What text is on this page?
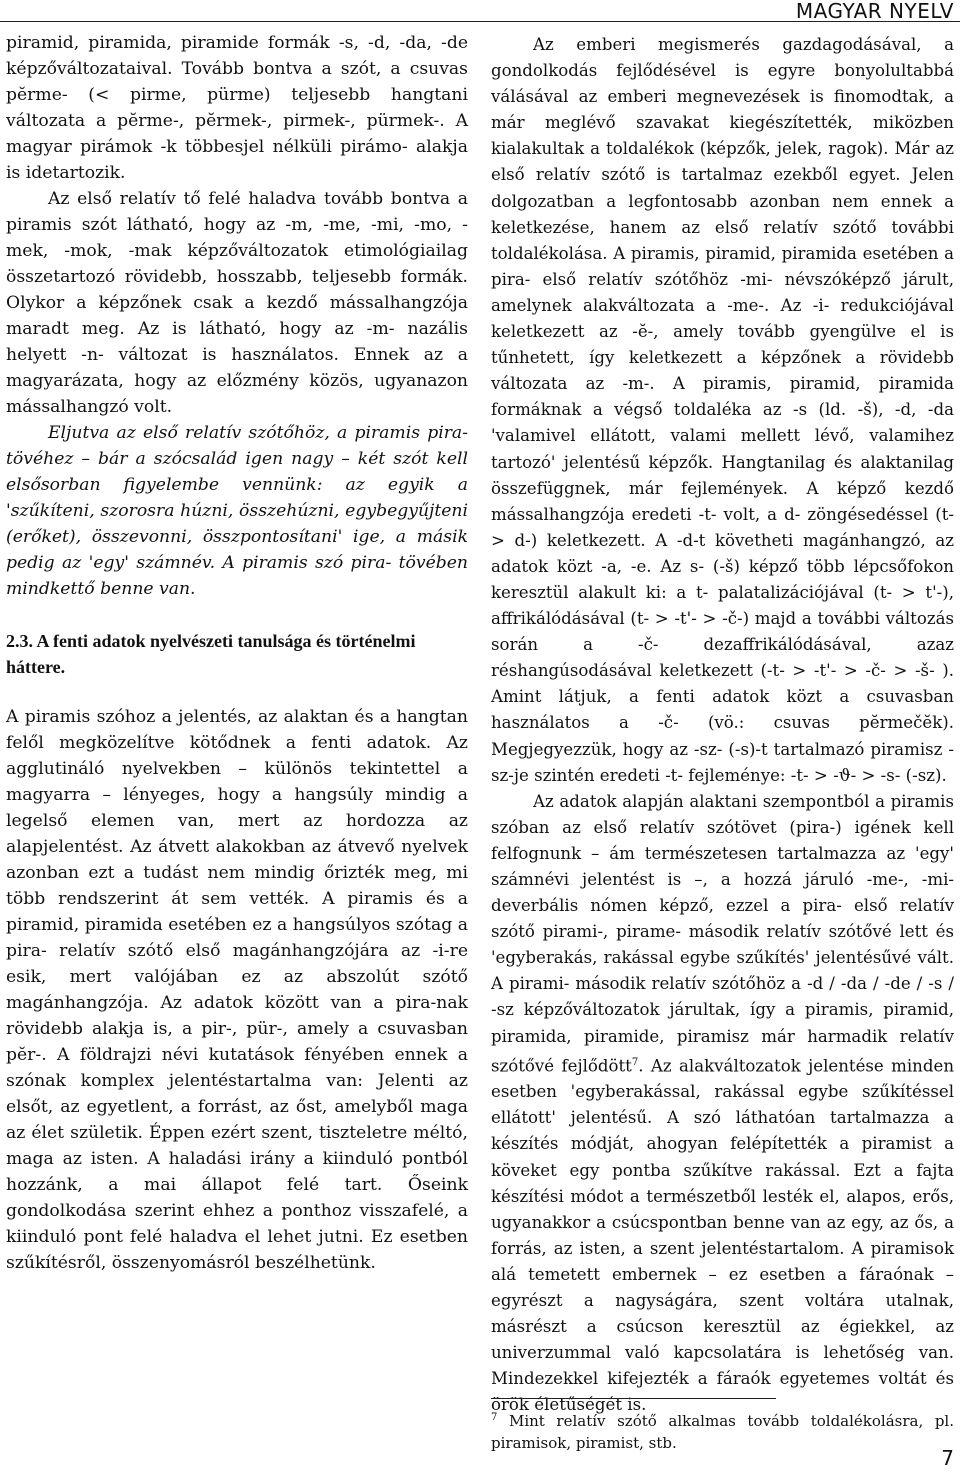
MAGYAR NYELV

piramid, piramida, piramide formák -s, -d, -da, -de képzőváltozataival. Tovább bontva a szót, a csuvas pĕrme- (< pirme, pürme) teljesebb hangtani változata a pĕrme-, pĕrmek-, pirmek-, pürmek-. A magyar pirámok -k többesjel nélküli pirámo- alakja is idetartozik.

Az első relatív tő felé haladva tovább bontva a piramis szót látható, hogy az -m, -me, -mi, -mo, -mek, -mok, -mak képzőváltozatok etimológiailag összetartozó rövidebb, hosszabb, teljesebb formák. Olykor a képzőnek csak a kezdő mássalhangzója maradt meg. Az is látható, hogy az -m- nazális helyett -n- változat is használatos. Ennek az a magyarázata, hogy az előzmény közös, ugyanazon mássalhangzó volt.

Eljutva az első relatív szótőhöz, a piramis pira- tövéhez – bár a szócsalád igen nagy – két szót kell elsősorban figyelembe vennünk: az egyik a 'szűkíteni, szorosra húzni, összehúzni, egybegyűjteni (erőket), összevonni, összpontosítani' ige, a másik pedig az 'egy' számnév. A piramis szó pira- tövében mindkettő benne van.

2.3. A fenti adatok nyelvészeti tanulsága és történelmi háttere.

A piramis szóhoz a jelentés, az alaktan és a hangtan felől megközelítve kötődnek a fenti adatok. Az agglutináló nyelvekben – különös tekintettel a magyarra – lényeges, hogy a hangsúly mindig a legelső elemen van, mert az hordozza az alapjelentést. Az átvett alakokban az átvevő nyelvek azonban ezt a tudást nem mindig őrizték meg, mi több rendszerint át sem vették. A piramis és a piramid, piramida esetében ez a hangsúlyos szótag a pira- relatív szótő első magánhangzójára az -i-re esik, mert valójában ez az abszolút szótő magánhangzója. Az adatok között van a pira-nak rövidebb alakja is, a pir-, pür-, amely a csuvasban pĕr-. A földrajzi névi kutatások fényében ennek a szónak komplex jelentéstartalma van: Jelenti az elsőt, az egyetlent, a forrást, az őst, amelyből maga az élet születik. Éppen ezért szent, tiszteletre méltó, maga az isten. A haladási irány a kiinduló pontból hozzánk, a mai állapot felé tart. Őseink gondolkodása szerint ehhez a ponthoz visszafelé, a kiinduló pont felé haladva el lehet jutni. Ez esetben szűkítésről, összenyomásról beszélhetünk.

Az emberi megismerés gazdagodásával, a gondolkodás fejlődésével is egyre bonyolultabbá válásával az emberi megnevezések is finomodtak, a már meglévő szavakat kiegészítették, miközben kialakultak a toldalékok (képzők, jelek, ragok). Már az első relatív szótő is tartalmaz ezekből egyet. Jelen dolgozatban a legfontosabb azonban nem ennek a keletkezése, hanem az első relatív szótő további toldalékolása. A piramis, piramid, piramida esetében a pira- első relatív szótőhöz -mi- névszóképző járult, amelynek alakváltozata a -me-. Az -i- redukciójával keletkezett az -ĕ-, amely tovább gyengülve el is tűnhetett, így keletkezett a képzőnek a rövidebb változata az -m-. A piramis, piramid, piramida formáknak a végső toldaléka az -s (ld. -š), -d, -da 'valamivel ellátott, valami mellett lévő, valamihez tartozó' jelentésű képzők. Hangtanilag és alaktanilag összefüggnek, már fejlemények. A képző kezdő mássalhangzója eredeti -t- volt, a d- zöngésedéssel (t- > d-) keletkezett. A -d-t követheti magánhangzó, az adatok közt -a, -e. Az s- (-š) képző több lépcsőfokon keresztül alakult ki: a t- palatalizációjával (t- > t'-), affrikálódásával (t- > -t'- > -č-) majd a további változás során a -č- dezaffrikálódásával, azaz réshangúsodásával keletkezett (-t- > -t'- > -č- > -š- ). Amint látjuk, a fenti adatok közt a csuvasban használatos a -č- (vö.: csuvas pĕrmečĕk). Megjegyezzük, hogy az -sz- (-s)-t tartalmazó piramisz -sz-je szintén eredeti -t- fejleménye: -t- > -ϑ- > -s- (-sz).

Az adatok alapján alaktani szempontból a piramis szóban az első relatív szótövet (pira-) igének kell felfognunk – ám természetesen tartalmazza az 'egy' számnévi jelentést is –, a hozzá járuló -me-, -mi- deverbális nómen képző, ezzel a pira- első relatív szótő pirami-, pirame- második relatív szótővé lett és 'egyberakás, rakással egybe szűkítés' jelentésűvé vált. A pirami- második relatív szótőhöz a -d / -da / -de / -s / -sz képzőváltozatok járultak, így a piramis, piramid, piramida, piramide, piramisz már harmadik relatív szótővé fejlődött$^7$. Az alakváltozatok jelentése minden esetben 'egyberakással, rakással egybe szűkítéssel ellátott' jelentésű. A szó láthatóan tartalmazza a készítés módját, ahogyan felépítették a piramist a köveket egy pontba szűkítve rakással. Ezt a fajta készítési módot a természetből lesték el, alapos, erős, ugyanakkor a csúcspontban benne van az egy, az ős, a forrás, az isten, a szent jelentéstartalom. A piramisok alá temetett embernek – ez esetben a fáraónak – egyrészt a nagyságára, szent voltára utalnak, másrészt a csúcson keresztül az égiekkel, az univerzummal való kapcsolatára is lehetőség van. Mindezekkel kifejezték a fáraók egyetemes voltát és örök életűségét is.

$^7$ Mint relatív szótő alkalmas tovább toldalékolásra, pl. piramisok, piramist, stb.
7
